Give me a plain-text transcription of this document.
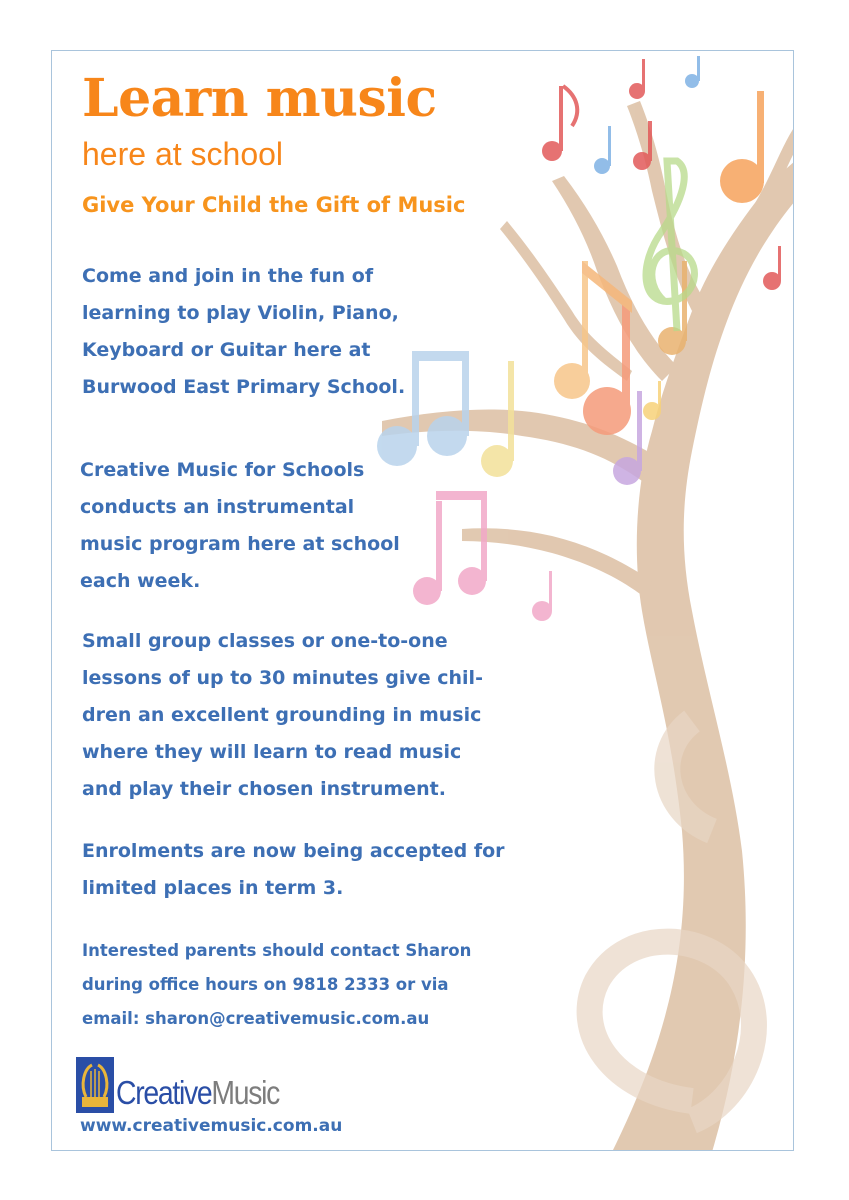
Learn music
here at school
Give Your Child the Gift of Music
Come and join in the fun of
learning to play Violin, Piano,
Keyboard or Guitar here at
Burwood East Primary School.
Creative Music for Schools
conducts an instrumental
music program here at school
each week.
Small group classes or one-to-one
lessons of up to 30 minutes give chil-
dren an excellent grounding in music
where they will learn to read music
and play their chosen instrument.
Enrolments are now being accepted for
limited places in term 3.
Interested parents should contact Sharon
during office hours on 9818 2333 or via
email: sharon@creativemusic.com.au
CreativeMusic
www.creativemusic.com.au
